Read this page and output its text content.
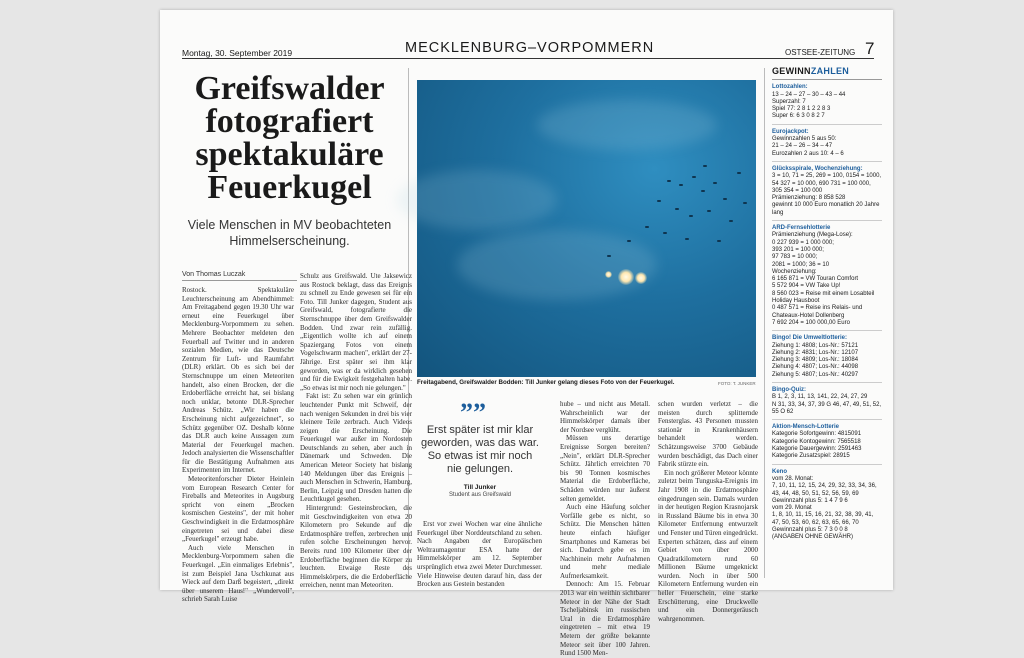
Montag, 30. September 2019	MECKLENBURG–VORPOMMERN	OSTSEE-ZEITUNG 7
Greifswalder fotografiert spektakuläre Feuerkugel
Viele Menschen in MV beobachteten Himmelserscheinung.
Von Thomas Luczak

Rostock. Spektakuläre Leuchterscheinung am Abendhimmel: Am Freitagabend gegen 19.30 Uhr war erneut eine Feuerkugel über Mecklenburg-Vorpommern zu sehen. Mehrere Beobachter meldeten den Feuerball auf Twitter und in anderen sozialen Medien, wie das Deutsche Zentrum für Luft- und Raumfahrt (DLR) erklärt. Ob es sich bei der Sternschnuppe um einen Meteoriten handelt, also einen Brocken, der die Erdoberfläche erreicht hat, sei bislang noch unklar, betonte DLR-Sprecher Andreas Schütz. „Wir haben die Erscheinung nicht aufgezeichnet", so Schütz gegenüber OZ. Deshalb könne das DLR auch keine Aussagen zum Material der Feuerkugel machen. Jedoch analysierten die Wissenschaftler für die Bestätigung Aufnahmen aus Experimenten im Internet.

Meteoritenforscher Dieter Heinlein vom European Research Center for Fireballs and Meteorites in Augsburg spricht von einem „Brocken kosmischen Gesteins", der mit hoher Geschwindigkeit in die Erdatmosphäre eingetreten sei und dabei diese „Feuerkugel" erzeugt habe.

Auch viele Menschen in Mecklenburg-Vorpommern sahen die Feuerkugel. „Ein einmaliges Erlebnis", ist zum Beispiel Jana Uschkunat aus Wieck auf dem Darß begeistert, „direkt über unserem Haus!" „Wundervoll", schrieb Sarah Luise

Schulz aus Greifswald. Ute Jaksewicz aus Rostock beklagt, dass das Ereignis zu schnell zu Ende gewesen sei für ein Foto. Till Junker dagegen, Student aus Greifswald, fotografierte die Sternschnuppe über dem Greifswalder Bodden. Und zwar rein zufällig. „Eigentlich wollte ich auf einem Spaziergang Fotos von einem Vogelschwarm machen", erklärt der 27-Jährige. Erst später sei ihm klar geworden, was er da wirklich gesehen und für die Ewigkeit festgehalten habe. „So etwas ist mir noch nie gelungen."

Fakt ist: Zu sehen war ein grünlich leuchtender Punkt mit Schweif, der nach wenigen Sekunden in drei bis vier kleinere Teile zerbrach. Auch Videos zeigen die Erscheinung. Die Feuerkugel war außer im Nordosten Deutschlands zu sehen, aber auch in Dänemark und Schweden. Die American Meteor Society hat bislang 140 Meldungen über das Ereignis – auch Menschen in Schwerin, Hamburg, Berlin, Leipzig und Dresden hatten die Leuchtkugel gesehen.

Hintergrund: Gesteinsbrocken, die mit Geschwindigkeiten von etwa 20 Kilometern pro Sekunde auf die Erdatmosphäre treffen, zerbrechen und rufen solche Erscheinungen hervor. Bereits rund 100 Kilometer über der Erdoberfläche beginnen die Körper zu leuchten. Etwaige Reste des Himmelskörpers, die die Erdoberfläche erreichen, nennt man Meteoriten.

Freitagabend, Greifswalder Bodden: Till Junker gelang dieses Foto von der Feuerkugel.	FOTO: T. JUNKER
””
Erst später ist mir klar geworden, was das war. So etwas ist mir noch nie gelungen.
Till Junker
Student aus Greifswald

Erst vor zwei Wochen war eine ähnliche Feuerkugel über Norddeutschland zu sehen. Nach Angaben der Europäischen Weltraumagentur ESA hatte der Himmelskörper am 12. September ursprünglich etwa zwei Meter Durchmesser. Viele Hinweise deuten darauf hin, dass der Brocken aus Gestein bestanden

hube – und nicht aus Metall. Wahrscheinlich war der Himmelskörper damals über der Nordsee verglüht.

Müssen uns derartige Ereignisse Sorgen bereiten? „Nein", erklärt DLR-Sprecher Schütz. Jährlich erreichten 70 bis 90 Tonnen kosmisches Material die Erdoberfläche, Schäden würden nur äußerst selten gemeldet.

Auch eine Häufung solcher Vorfälle gebe es nicht, so Schütz. Die Menschen hätten heute einfach häufiger Smartphones und Kameras bei sich. Dadurch gebe es im Nachhinein mehr Aufnahmen und mehr mediale Aufmerksamkeit.

Dennoch: Am 15. Februar 2013 war ein weithin sichtbarer Meteor in der Nähe der Stadt Tscheljabinsk im russischen Ural in die Erdatmosphäre eingetreten – mit etwa 19 Metern der größte bekannte Meteor seit über 100 Jahren. Rund 1500 Men-

schen wurden verletzt – die meisten durch splitternde Fensterglas. 43 Personen mussten stationär in Krankenhäusern behandelt werden. Schätzungsweise 3700 Gebäude wurden beschädigt, das Dach einer Fabrik stürzte ein.

Ein noch größerer Meteor könnte zuletzt beim Tunguska-Ereignis im Jahr 1908 in die Erdatmosphäre eingedrungen sein. Damals wurden in der heutigen Region Krasnojarsk in Russland Bäume bis in etwa 30 Kilometer Entfernung entwurzelt und Fenster und Türen eingedrückt. Experten schätzen, dass auf einem Gebiet von über 2000 Quadratkilometern rund 60 Millionen Bäume umgeknickt wurden. Noch in über 500 Kilometern Entfernung wurden ein heller Feuerschein, eine starke Erschütterung, eine Druckwelle und ein Donnergeräusch wahrgenommen.

GEWINNZAHLEN
Lottozahlen:
13 – 24 – 27 – 30 – 43 – 44
Superzahl: 7
Spiel 77: 2 8 1 2 2 8 3
Super 6: 6 3 0 8 2 7
Eurojackpot:
Gewinnzahlen 5 aus 50:
21 – 24 – 26 – 34 – 47
Eurozahlen 2 aus 10: 4 – 6
Glücksspirale, Wochenziehung:
3 = 10, 71 = 25, 269 = 100, 0154 = 1000, 54 327 = 10 000, 690 731 = 100 000, 305 354 = 100 000
Prämienziehung: 8 858 528
gewinnt 10 000 Euro monatlich 20 Jahre lang
ARD-Fernsehlotterie
Prämienziehung (Mega-Lose):
0 227 939 = 1 000 000;
393 201 = 100 000;
97 783 = 10 000;
2081 = 1000; 36 = 10
Wochenziehung:
6 165 871 = VW Touran Comfort
5 572 904 = VW Take Up!
8 560 023 = Reise mit einem Losabteil Holiday Hausboot
0 487 571 = Reise ins Relais- und Chateaux-Hotel Dollenberg
7 692 204 = 100 000,00 Euro
Bingo! Die Umweltlotterie:
Ziehung 1: 4808; Los-Nr.: 57121
Ziehung 2: 4831; Los-Nr.: 12107
Ziehung 3: 4809; Los-Nr.: 18084
Ziehung 4: 4807; Los-Nr.: 44098
Ziehung 5: 4807; Los-Nr.: 40297
Bingo-Quiz:
B 1, 2, 3, 11, 13, 141, 22, 24, 27, 29
N 31, 33, 34, 37, 39 G 46, 47, 49, 51, 52, 55 O 62
Aktion-Mensch-Lotterie
Kategorie Sofortgewinn: 4815091
Kategorie Kontogewinn: 7565518
Kategorie Dauergewinn: 2591463
Kategorie Zusatzspiel: 28915
Keno
vom 28. Monat:
7, 10, 11, 12, 15, 24, 29, 32, 33, 34, 36, 43, 44, 48, 50, 51, 52, 56, 59, 69
Gewinnzahl plus 5: 1 4 7 9 6
vom 29. Monat
1, 8, 10, 11, 15, 16, 21, 32, 38, 39, 41, 47, 50, 53, 60, 62, 63, 65, 66, 70
Gewinnzahl plus 5: 7 3 0 0 8
(ANGABEN OHNE GEWÄHR)
